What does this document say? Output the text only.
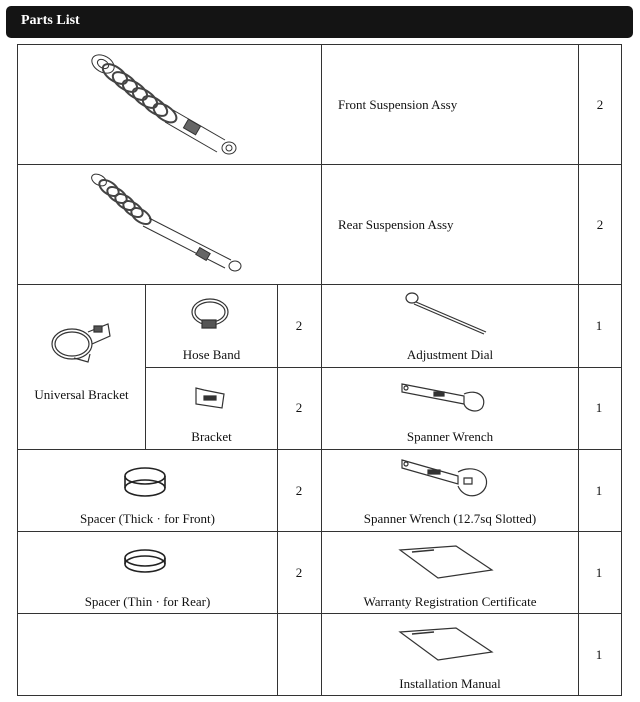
Parts List
Front Suspension Assy	2
Rear Suspension Assy	2
Universal Bracket
Hose Band
2
Bracket
2
Adjustment Dial
1
Spanner Wrench
1
Spacer (Thick · for Front)
2
Spanner Wrench (12.7sq Slotted)
1
Spacer (Thin · for Rear)
2
Warranty Registration Certificate
1
Installation Manual
1
